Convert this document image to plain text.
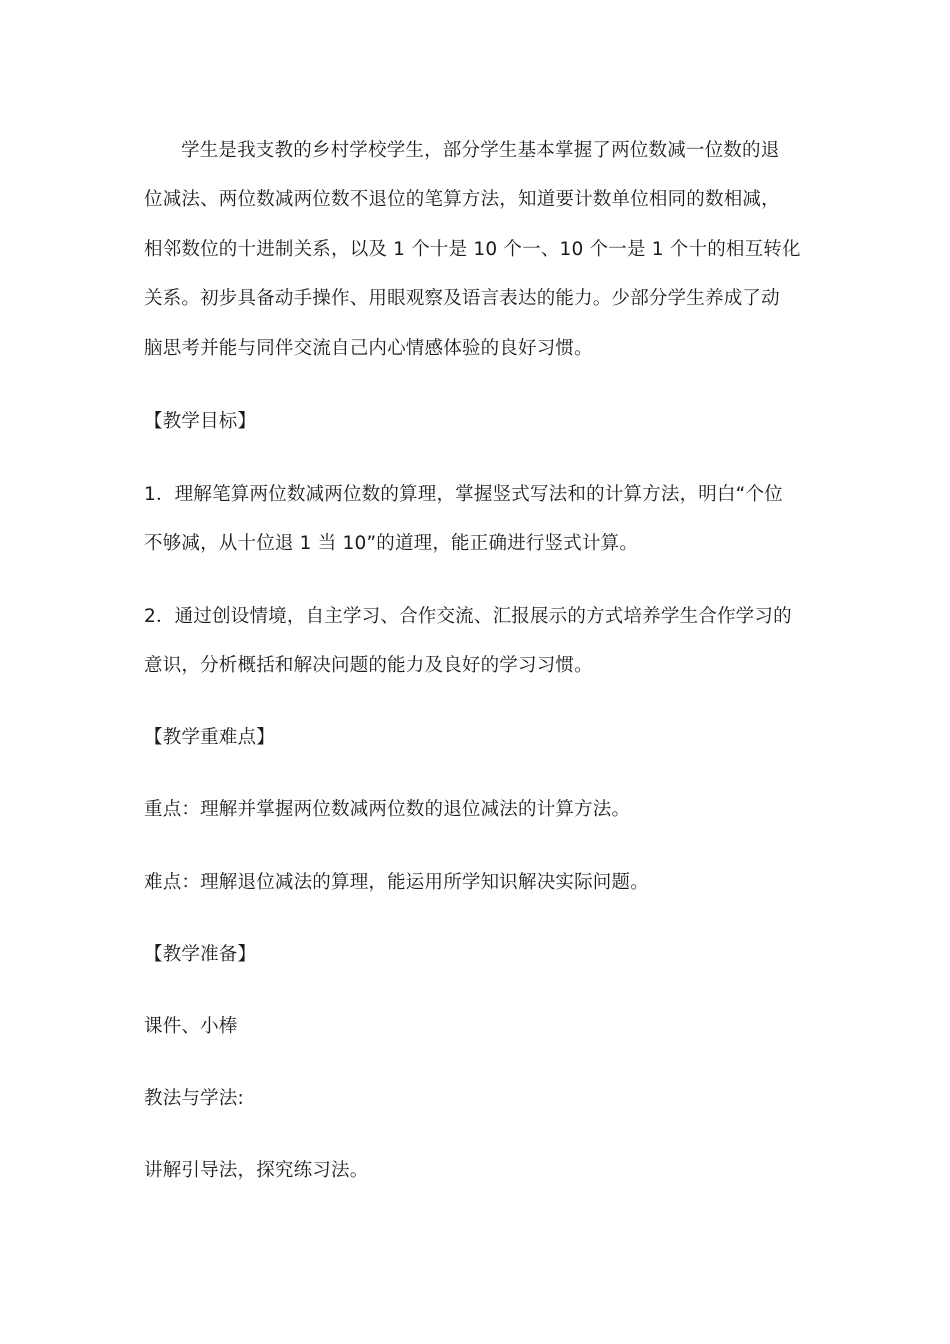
学生是我支教的乡村学校学生，部分学生基本掌握了两位数减一位数的退
位减法、两位数减两位数不退位的笔算方法，知道要计数单位相同的数相减，
相邻数位的十进制关系，以及 1 个十是 10 个一、10 个一是 1 个十的相互转化
关系。初步具备动手操作、用眼观察及语言表达的能力。少部分学生养成了动
脑思考并能与同伴交流自己内心情感体验的良好习惯。
【教学目标】
1．理解笔算两位数减两位数的算理，掌握竖式写法和的计算方法，明白“个位
不够减，从十位退 1 当 10”的道理，能正确进行竖式计算。
2．通过创设情境，自主学习、合作交流、汇报展示的方式培养学生合作学习的
意识，分析概括和解决问题的能力及良好的学习习惯。
【教学重难点】
重点：理解并掌握两位数减两位数的退位减法的计算方法。
难点：理解退位减法的算理，能运用所学知识解决实际问题。
【教学准备】
课件、小棒
教法与学法:
讲解引导法，探究练习法。
